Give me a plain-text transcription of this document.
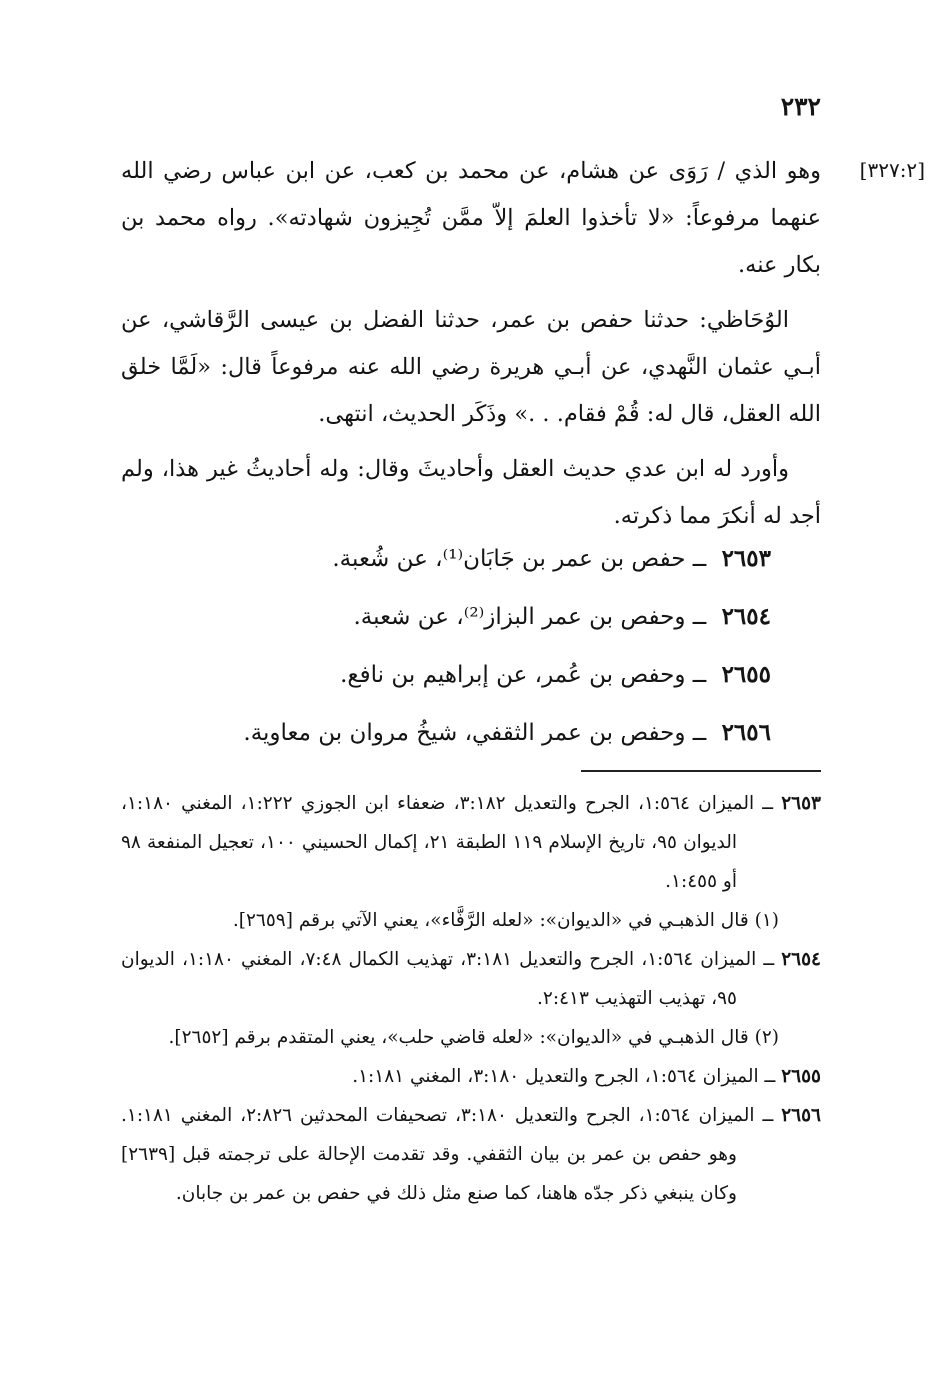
٢٣٢
[٣٢٧:٢]

وهو الذي / رَوَى عن هشام، عن محمد بن كعب، عن ابن عباس رضي الله عنهما مرفوعاً: «لا تأخذوا العلمَ إلاّ ممَّن تُجِيزون شهادته». رواه محمد بن بكار عنه.

الوُحَاظي: حدثنا حفص بن عمر، حدثنا الفضل بن عيسى الرَّقاشي، عن أبـي عثمان النَّهدي، عن أبـي هريرة رضي الله عنه مرفوعاً قال: «لَمَّا خلق الله العقل، قال له: قُمْ فقام. . .» وذَكَر الحديث، انتهى.

وأورد له ابن عدي حديث العقل وأحاديثَ وقال: وله أحاديثُ غير هذا، ولم أجد له أنكرَ مما ذكرته.

٢٦٥٣ ــ حفص بن عمر بن جَابَان⁽¹⁾، عن شُعبة.
٢٦٥٤ ــ وحفص بن عمر البزاز⁽²⁾، عن شعبة.
٢٦٥٥ ــ وحفص بن عُمر، عن إبراهيم بن نافع.
٢٦٥٦ ــ وحفص بن عمر الثقفي، شيخُ مروان بن معاوية.

٢٦٥٣ ــ الميزان ١:٥٦٤، الجرح والتعديل ٣:١٨٢، ضعفاء ابن الجوزي ١:٢٢٢، المغني ١:١٨٠، الديوان ٩٥، تاريخ الإسلام ١١٩ الطبقة ٢١، إكمال الحسيني ١٠٠، تعجيل المنفعة ٩٨ أو ١:٤٥٥.

(١) قال الذهبـي في «الديوان»: «لعله الرَّفَّاء»، يعني الآتي برقم [٢٦٥٩].

٢٦٥٤ ــ الميزان ١:٥٦٤، الجرح والتعديل ٣:١٨١، تهذيب الكمال ٧:٤٨، المغني ١:١٨٠، الديوان ٩٥، تهذيب التهذيب ٢:٤١٣.

(٢) قال الذهبـي في «الديوان»: «لعله قاضي حلب»، يعني المتقدم برقم [٢٦٥٢].

٢٦٥٥ ــ الميزان ١:٥٦٤، الجرح والتعديل ٣:١٨٠، المغني ١:١٨١.

٢٦٥٦ ــ الميزان ١:٥٦٤، الجرح والتعديل ٣:١٨٠، تصحيفات المحدثين ٢:٨٢٦، المغني ١:١٨١. وهو حفص بن عمر بن بيان الثقفي. وقد تقدمت الإحالة على ترجمته قبل [٢٦٣٩] وكان ينبغي ذكر جدّه هاهنا، كما صنع مثل ذلك في حفص بن عمر بن جابان.
